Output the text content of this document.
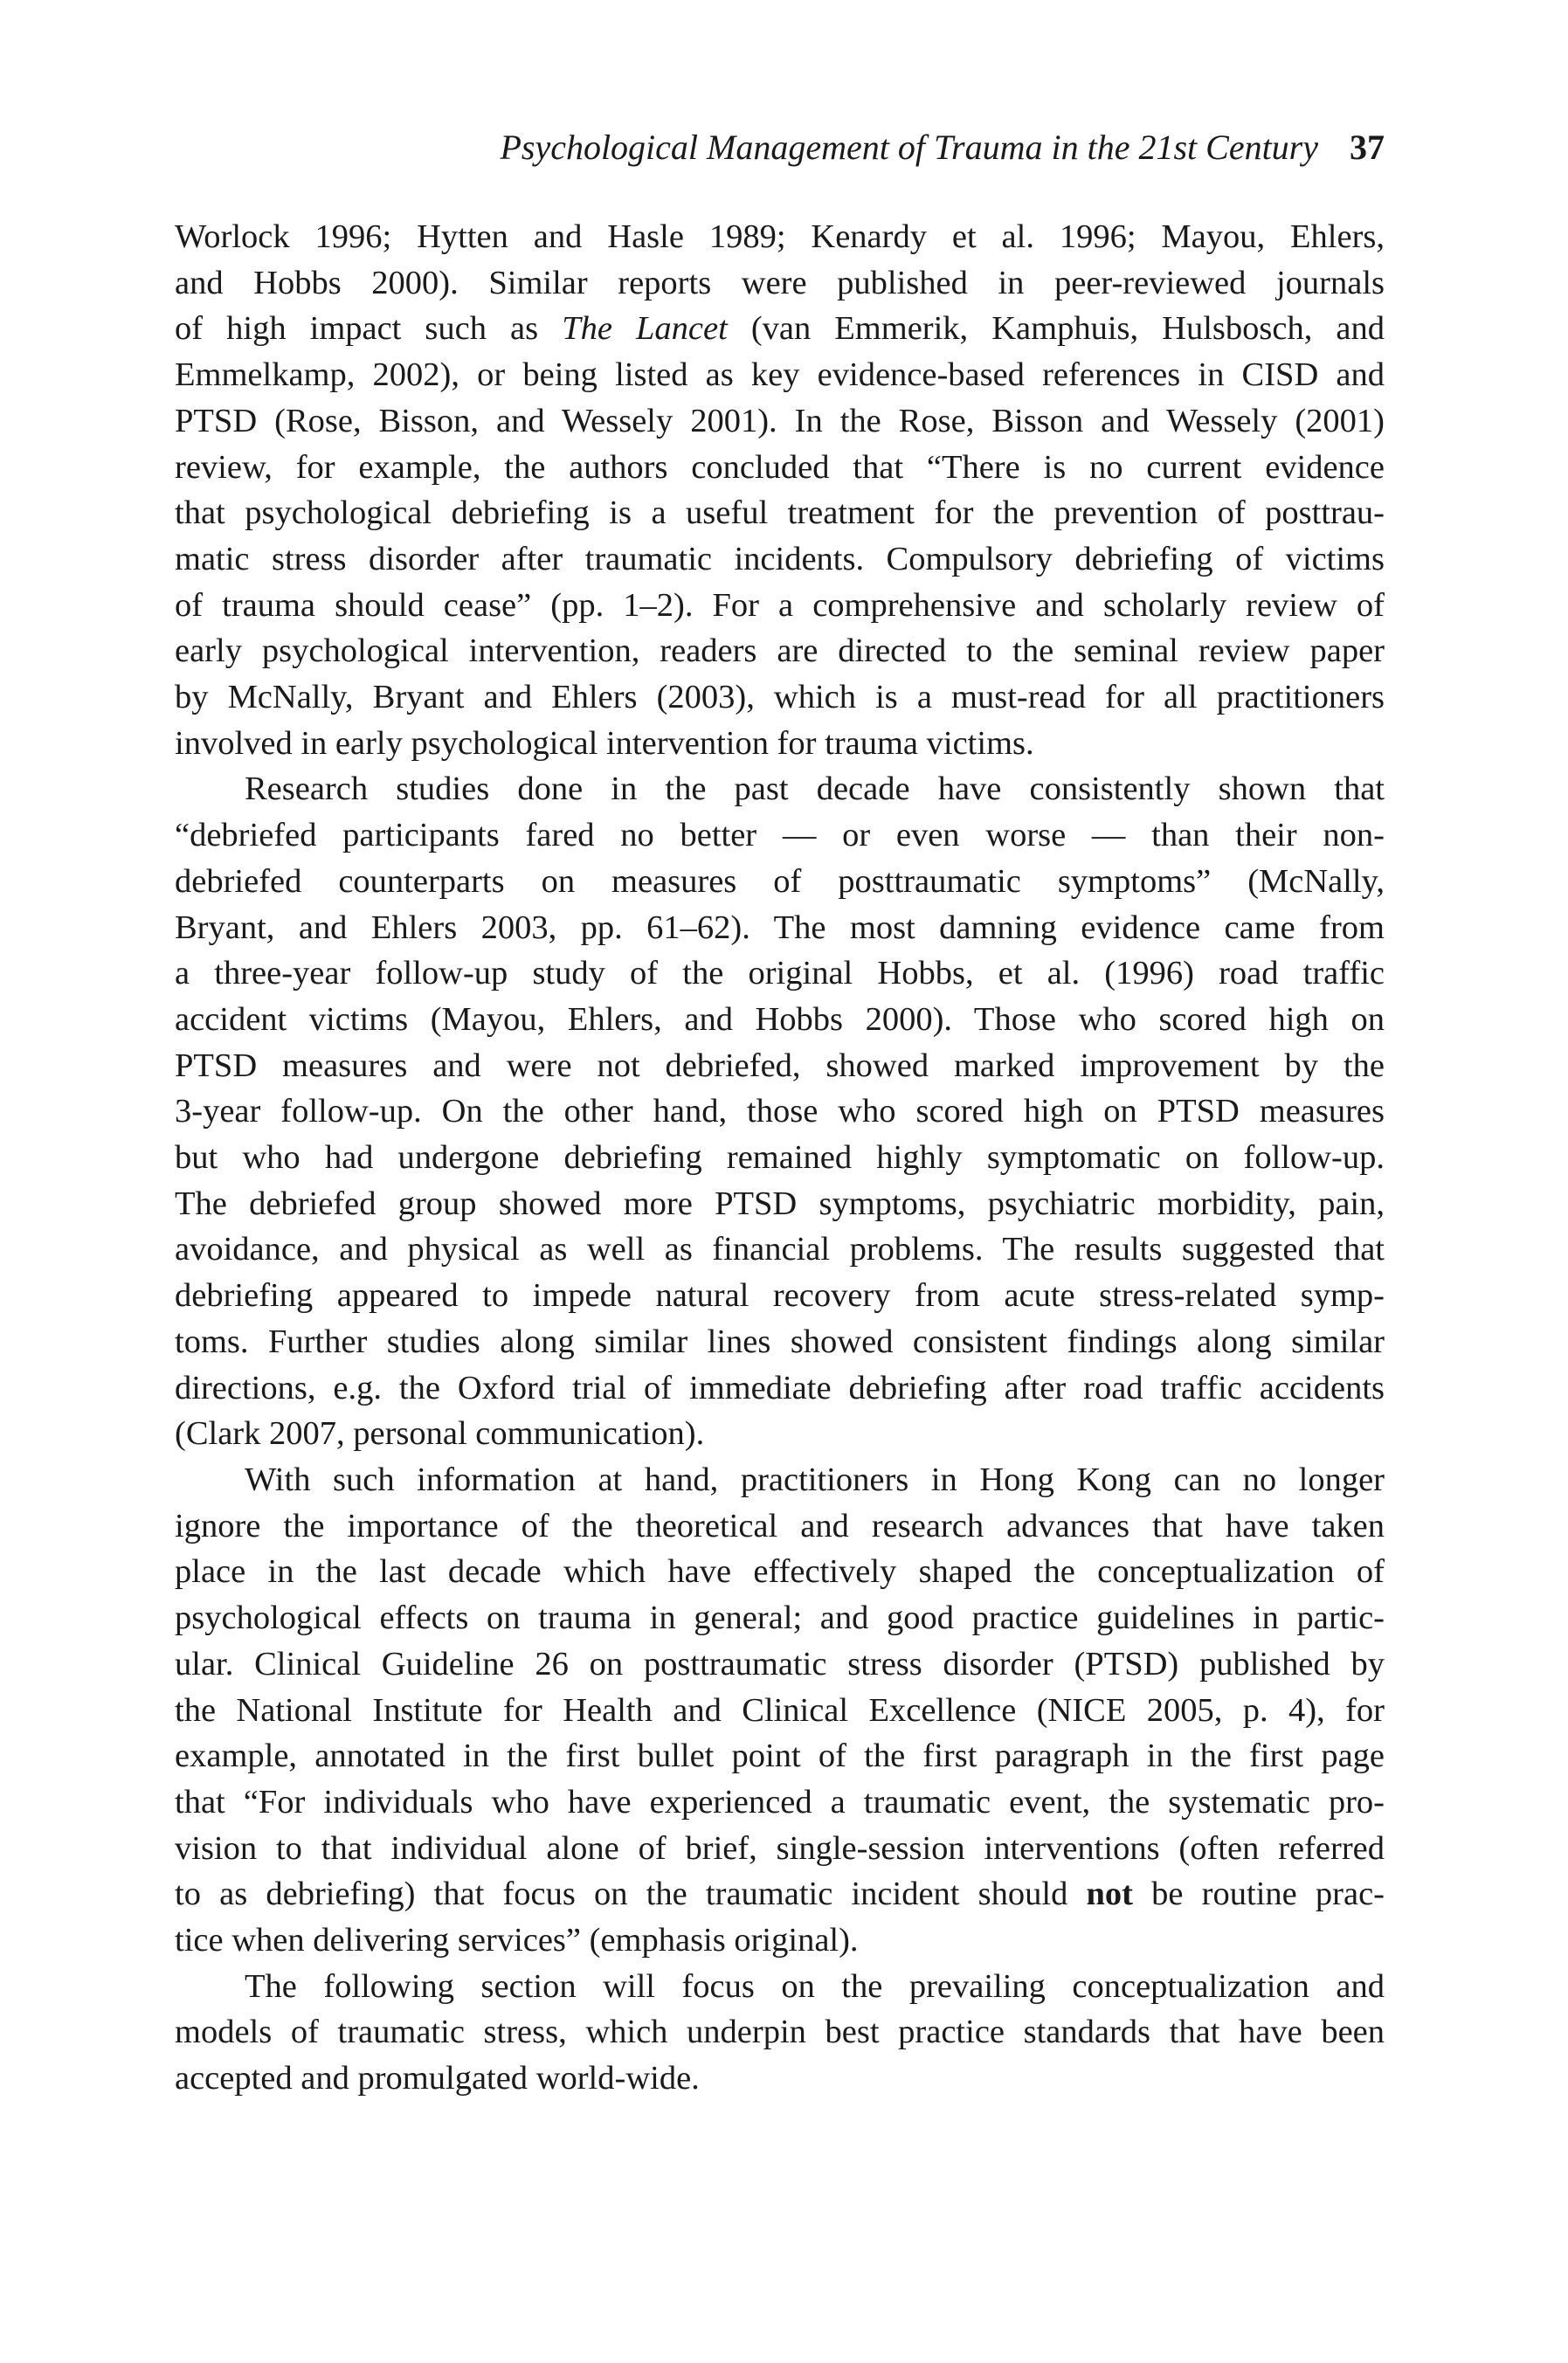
Psychological Management of Trauma in the 21st Century 37

Worlock 1996; Hytten and Hasle 1989; Kenardy et al. 1996; Mayou, Ehlers,
and Hobbs 2000). Similar reports were published in peer-reviewed journals
of high impact such as The Lancet (van Emmerik, Kamphuis, Hulsbosch, and
Emmelkamp, 2002), or being listed as key evidence-based references in CISD and
PTSD (Rose, Bisson, and Wessely 2001). In the Rose, Bisson and Wessely (2001)
review, for example, the authors concluded that “There is no current evidence
that psychological debriefing is a useful treatment for the prevention of posttrau-
matic stress disorder after traumatic incidents. Compulsory debriefing of victims
of trauma should cease” (pp. 1–2). For a comprehensive and scholarly review of
early psychological intervention, readers are directed to the seminal review paper
by McNally, Bryant and Ehlers (2003), which is a must-read for all practitioners
involved in early psychological intervention for trauma victims.

Research studies done in the past decade have consistently shown that
“debriefed participants fared no better — or even worse — than their non-
debriefed counterparts on measures of posttraumatic symptoms” (McNally,
Bryant, and Ehlers 2003, pp. 61–62). The most damning evidence came from
a three-year follow-up study of the original Hobbs, et al. (1996) road traffic
accident victims (Mayou, Ehlers, and Hobbs 2000). Those who scored high on
PTSD measures and were not debriefed, showed marked improvement by the
3-year follow-up. On the other hand, those who scored high on PTSD measures
but who had undergone debriefing remained highly symptomatic on follow-up.
The debriefed group showed more PTSD symptoms, psychiatric morbidity, pain,
avoidance, and physical as well as financial problems. The results suggested that
debriefing appeared to impede natural recovery from acute stress-related symp-
toms. Further studies along similar lines showed consistent findings along similar
directions, e.g. the Oxford trial of immediate debriefing after road traffic accidents
(Clark 2007, personal communication).

With such information at hand, practitioners in Hong Kong can no longer
ignore the importance of the theoretical and research advances that have taken
place in the last decade which have effectively shaped the conceptualization of
psychological effects on trauma in general; and good practice guidelines in partic-
ular. Clinical Guideline 26 on posttraumatic stress disorder (PTSD) published by
the National Institute for Health and Clinical Excellence (NICE 2005, p. 4), for
example, annotated in the first bullet point of the first paragraph in the first page
that “For individuals who have experienced a traumatic event, the systematic pro-
vision to that individual alone of brief, single-session interventions (often referred
to as debriefing) that focus on the traumatic incident should not be routine prac-
tice when delivering services” (emphasis original).

The following section will focus on the prevailing conceptualization and
models of traumatic stress, which underpin best practice standards that have been
accepted and promulgated world-wide.
